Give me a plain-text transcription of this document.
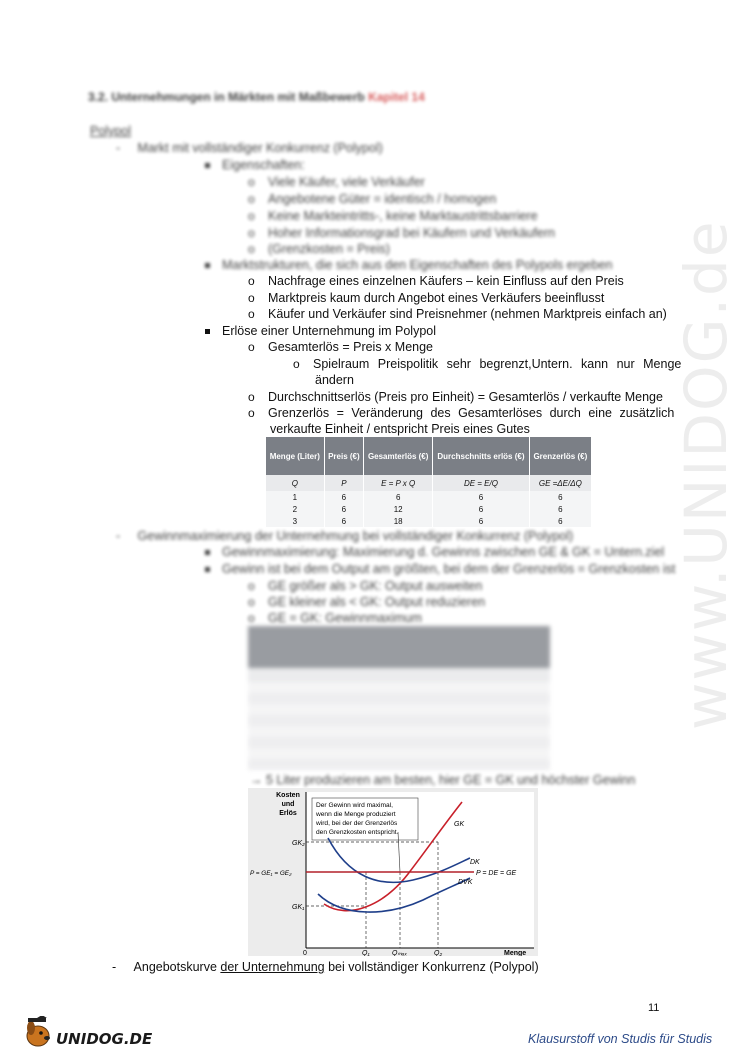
www.UNIDOG.de
3.2. Unternehmungen in Märkten mit Maßbewerb Kapitel 14
Polypol
-     Markt mit vollständiger Konkurrenz (Polypol)
Eigenschaften:
o Viele Käufer, viele Verkäufer
o Angebotene Güter = identisch / homogen
o Keine Markteintritts-, keine Marktaustrittsbarriere
o Hoher Informationsgrad bei Käufern und Verkäufern
o (Grenzkosten = Preis)
Marktstrukturen, die sich aus den Eigenschaften des Polypols ergeben
o Nachfrage eines einzelnen Käufers – kein Einfluss auf den Preis
o Marktpreis kaum durch Angebot eines Verkäufers beeinflusst
o Käufer und Verkäufer sind Preisnehmer (nehmen Marktpreis einfach an)
Erlöse einer Unternehmung im Polypol
o Gesamterlös = Preis x Menge
o Spielraum Preispolitik sehr begrenzt,Untern. kann nur Menge
ändern
o Durchschnittserlös (Preis pro Einheit) = Gesamterlös / verkaufte Menge
o Grenzerlös = Veränderung des Gesamterlöses durch eine zusätzlich
verkaufte Einheit / entspricht Preis eines Gutes
Menge (Liter)	Preis (€)	Gesamterlös (€)	Durchschnitts erlös (€)	Grenzerlös (€)
Q	P	E = P x Q	DE = E/Q	GE =ΔE/ΔQ
1	6	6	6	6
2	6	12	6	6
3	6	18	6	6
-     Gewinnmaximierung der Unternehmung bei vollständiger Konkurrenz (Polypol)
Gewinnmaximierung: Maximierung d. Gewinns zwischen GE & GK = Untern.ziel
Gewinn ist bei dem Output am größten, bei dem der Grenzerlös = Grenzkosten ist
o GE größer als > GK: Output ausweiten
o GE kleiner als < GK: Output reduzieren
o GE = GK: Gewinnmaximum
→ 5 Liter produzieren am besten, hier GE = GK und höchster Gewinn
Kosten
und
Erlös
Der Gewinn wird maximal,
wenn die Menge produziert
wird, bei der der Grenzerlös
den Grenzkosten entspricht.
GK
DK
P = DE = GE
DVK
GK₂
P = GE₁ = GE₂
GK₁
0	Q₁	Qₘₐₓ	Q₂	Menge
-     Angebotskurve der Unternehmung bei vollständiger Konkurrenz (Polypol)
11
UNIDOG.DE	Klausurstoff von Studis für Studis
